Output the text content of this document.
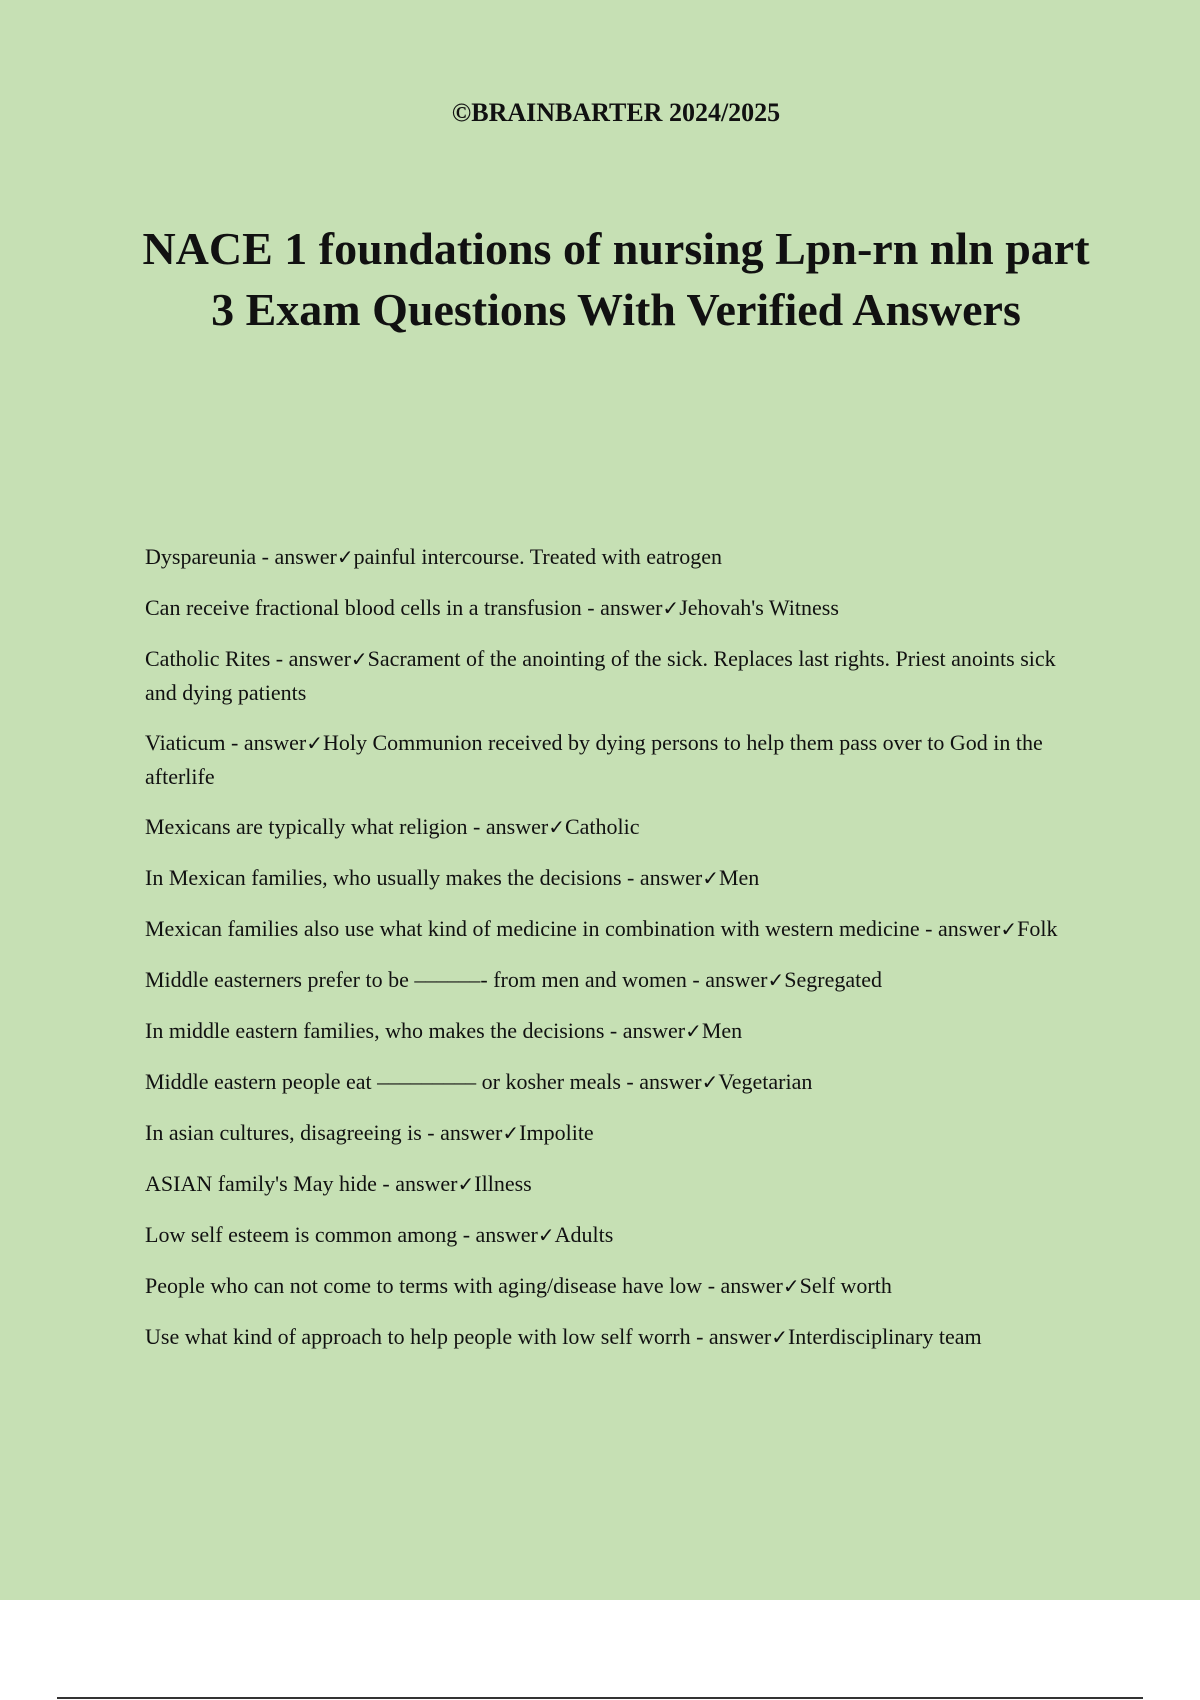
©BRAINBARTER 2024/2025
NACE 1 foundations of nursing Lpn-rn nln part 3 Exam Questions With Verified Answers
Dyspareunia - answer✓painful intercourse. Treated with eatrogen
Can receive fractional blood cells in a transfusion - answer✓Jehovah's Witness
Catholic Rites - answer✓Sacrament of the anointing of the sick. Replaces last rights. Priest anoints sick and dying patients
Viaticum - answer✓Holy Communion received by dying persons to help them pass over to God in the afterlife
Mexicans are typically what religion - answer✓Catholic
In Mexican families, who usually makes the decisions - answer✓Men
Mexican families also use what kind of medicine in combination with western medicine - answer✓Folk
Middle easterners prefer to be ––––––- from men and women - answer✓Segregated
In middle eastern families, who makes the decisions - answer✓Men
Middle eastern people eat ––––––––– or kosher meals - answer✓Vegetarian
In asian cultures, disagreeing is - answer✓Impolite
ASIAN family's May hide - answer✓Illness
Low self esteem is common among - answer✓Adults
People who can not come to terms with aging/disease have low - answer✓Self worth
Use what kind of approach to help people with low self worrh - answer✓Interdisciplinary team
